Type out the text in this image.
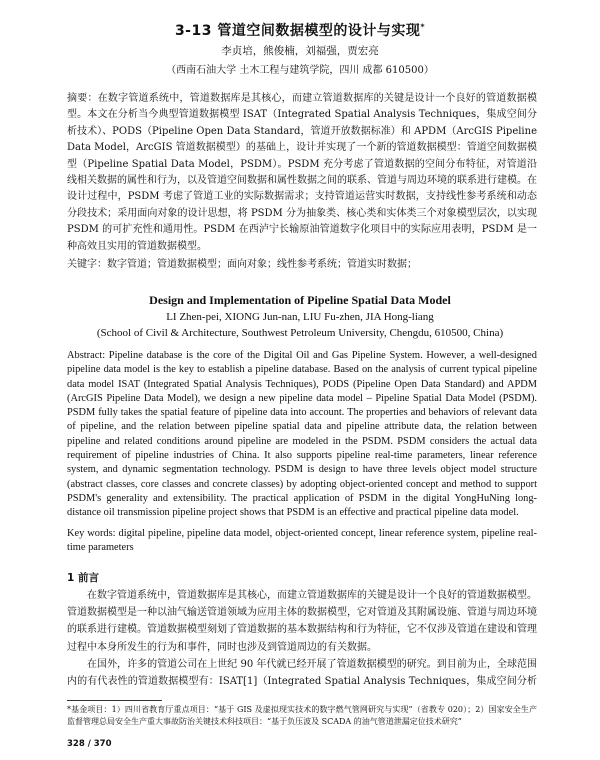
3-13 管道空间数据模型的设计与实现*
李贞培，熊俊楠，刘福强，贾宏亮
（西南石油大学 土木工程与建筑学院，四川 成都 610500）
摘要：在数字管道系统中，管道数据库是其核心，而建立管道数据库的关键是设计一个良好的管道数据模型。本文在分析当今典型管道数据模型 ISAT（Integrated Spatial Analysis Techniques，集成空间分析技术）、PODS（Pipeline Open Data Standard，管道开放数据标准）和 APDM（ArcGIS Pipeline Data Model，ArcGIS 管道数据模型）的基础上，设计并实现了一个新的管道数据模型：管道空间数据模型（Pipeline Spatial Data Model，PSDM）。PSDM 充分考虑了管道数据的空间分布特征，对管道沿线相关数据的属性和行为，以及管道空间数据和属性数据之间的联系、管道与周边环境的联系进行建模。在设计过程中，PSDM 考虑了管道工业的实际数据需求；支持管道运营实时数据，支持线性参考系统和动态分段技术；采用面向对象的设计思想，将 PSDM 分为抽象类、核心类和实体类三个对象模型层次，以实现 PSDM 的可扩充性和通用性。PSDM 在西泸宁长输原油管道数字化项目中的实际应用表明，PSDM 是一种高效且实用的管道数据模型。
关键字：数字管道；管道数据模型；面向对象；线性参考系统；管道实时数据；
Design and Implementation of Pipeline Spatial Data Model
LI Zhen-pei, XIONG Jun-nan, LIU Fu-zhen, JIA Hong-liang
(School of Civil & Architecture, Southwest Petroleum University, Chengdu, 610500, China)
Abstract: Pipeline database is the core of the Digital Oil and Gas Pipeline System. However, a well-designed pipeline data model is the key to establish a pipeline database. Based on the analysis of current typical pipeline data model ISAT (Integrated Spatial Analysis Techniques), PODS (Pipeline Open Data Standard) and APDM (ArcGIS Pipeline Data Model), we design a new pipeline data model – Pipeline Spatial Data Model (PSDM). PSDM fully takes the spatial feature of pipeline data into account. The properties and behaviors of relevant data of pipeline, and the relation between pipeline spatial data and pipeline attribute data, the relation between pipeline and related conditions around pipeline are modeled in the PSDM. PSDM considers the actual data requirement of pipeline industries of China. It also supports pipeline real-time parameters, linear reference system, and dynamic segmentation technology. PSDM is design to have three levels object model structure (abstract classes, core classes and concrete classes) by adopting object-oriented concept and method to support PSDM's generality and extensibility. The practical application of PSDM in the digital YongHuNing long-distance oil transmission pipeline project shows that PSDM is an effective and practical pipeline data model.
Key words: digital pipeline, pipeline data model, object-oriented concept, linear reference system, pipeline real-time parameters
1 前言

在数字管道系统中，管道数据库是其核心，而建立管道数据库的关键是设计一个良好的管道数据模型。管道数据模型是一种以油气输送管道领域为应用主体的数据模型，它对管道及其附属设施、管道与周边环境的联系进行建模。管道数据模型刻划了管道数据的基本数据结构和行为特征，它不仅涉及管道在建设和管理过程中本身所发生的行为和事件，同时也涉及到管道周边的有关数据。

在国外，许多的管道公司在上世纪 90 年代就已经开展了管道数据模型的研究。到目前为止，全球范围内的有代表性的管道数据模型有：ISAT[1]（Integrated Spatial Analysis Techniques，集成空间分析

*基金项目：1）四川省教育厅重点项目：“基于 GIS 及虚拟现实技术的数字燃气管网研究与实现”（省教专 020）；2）国家安全生产监督管理总局安全生产重大事故防治关键技术科技项目：“基于负压波及 SCADA 的油气管道泄漏定位技术研究”
328 / 370
